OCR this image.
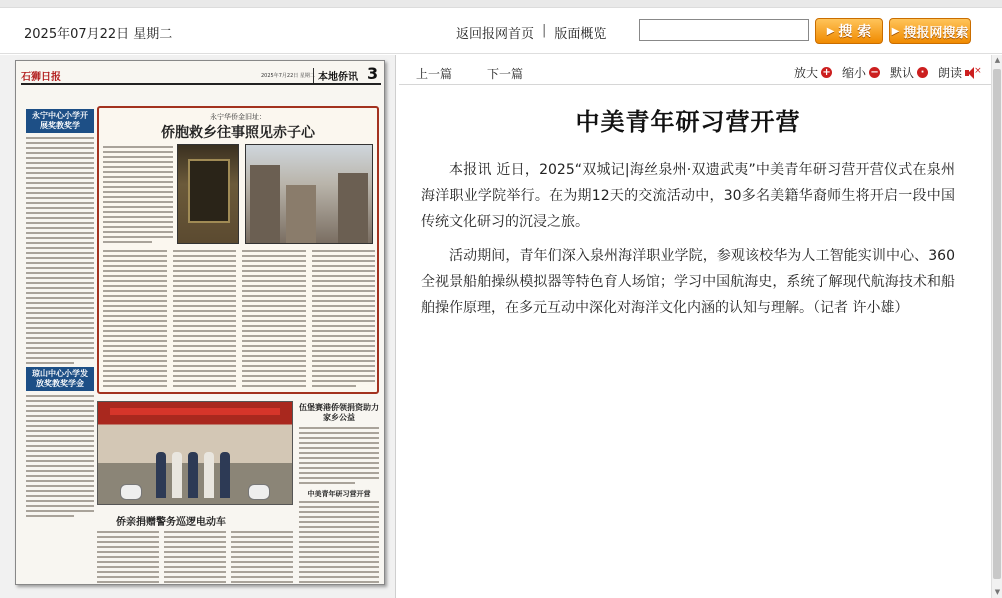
2025年07月22日 星期二	返回报网首页 | 版面概览	▶ 搜 索 ▶ 搜报网搜索
石狮日报	2025年7月22日 星期二 本地侨讯 3
永宁中心小学开展奖教奖学
琼山中心小学发放奖教奖学金
永宁华侨金旧址：
侨胞救乡往事照见赤子心
侨亲捐赠警务巡逻电动车
伍堡赛港侨领捐资助力家乡公益
中美青年研习营开营
上一篇	下一篇	放大 + 缩小 − 默认 · 朗读 ×
中美青年研习营开营

本报讯 近日，2025“双城记|海丝泉州·双遗武夷”中美青年研习营开营仪式在泉州海洋职业学院举行。在为期12天的交流活动中，30多名美籍华裔师生将开启一段中国传统文化研习的沉浸之旅。

活动期间，青年们深入泉州海洋职业学院，参观该校华为人工智能实训中心、360全视景船舶操纵模拟器等特色育人场馆；学习中国航海史，系统了解现代航海技术和船舶操作原理，在多元互动中深化对海洋文化内涵的认知与理解。（记者 许小雄）

▲
▼
